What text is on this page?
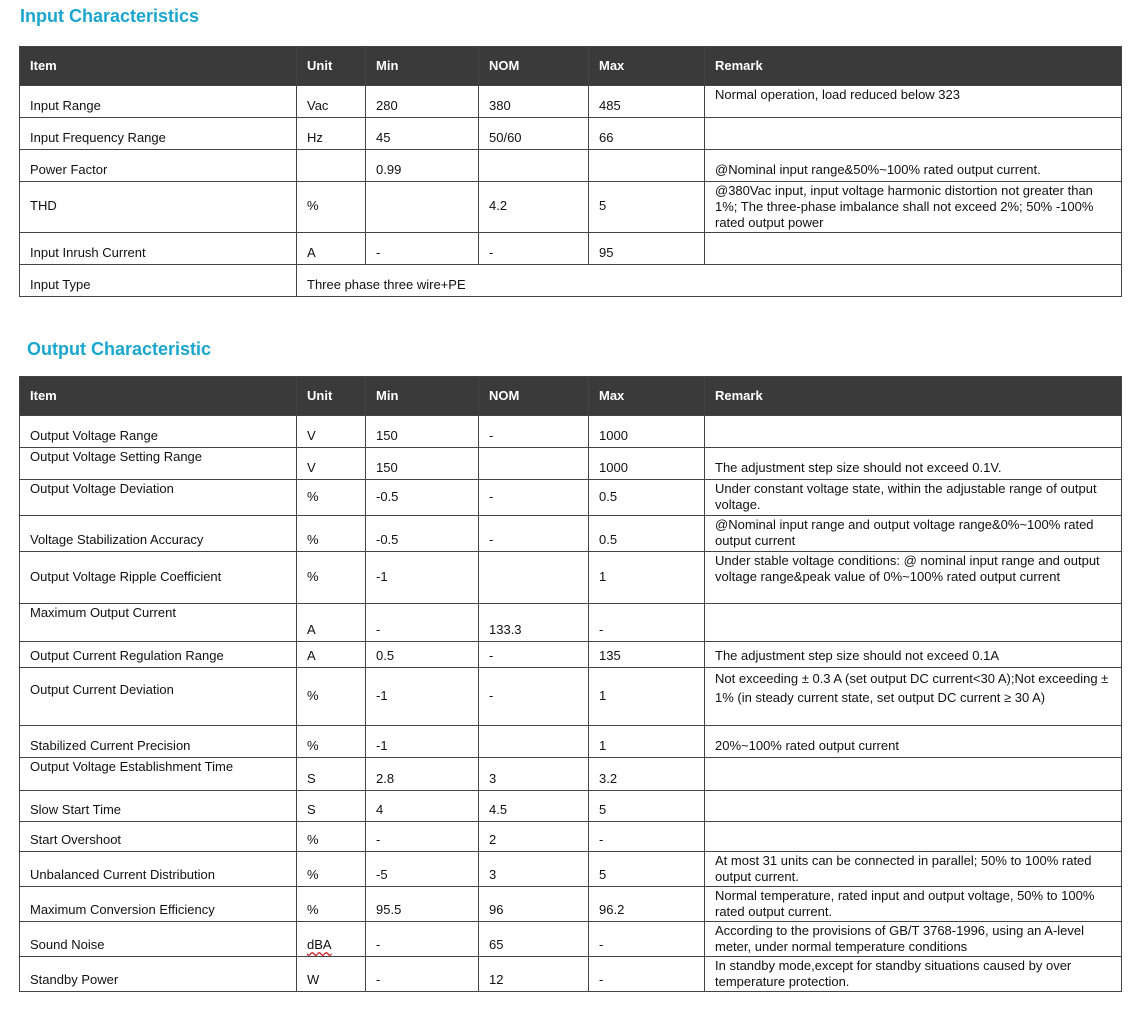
Input Characteristics
Item	Unit	Min	NOM	Max	Remark
Input Range	Vac	280	380	485	Normal operation, load reduced below 323
Input Frequency Range	Hz	45	50/60	66	
Power Factor		0.99			@Nominal input range&50%~100% rated output current.
THD	%		4.2	5	@380Vac input, input voltage harmonic distortion not greater than 1%; The three-phase imbalance shall not exceed 2%; 50% -100% rated output power
Input Inrush Current	A	-	-	95	
Input Type	Three phase three wire+PE				
Output Characteristic
Item	Unit	Min	NOM	Max	Remark
Output Voltage Range	V	150	-	1000	
Output Voltage Setting Range	V	150		1000	The adjustment step size should not exceed 0.1V.
Output Voltage Deviation	%	-0.5	-	0.5	Under constant voltage state, within the adjustable range of output voltage.
Voltage Stabilization Accuracy	%	-0.5	-	0.5	@Nominal input range and output voltage range&0%~100% rated output current
Output Voltage Ripple Coefficient	%	-1		1	Under stable voltage conditions: @ nominal input range and output voltage range&peak value of 0%~100% rated output current
Maximum Output Current	A	-	133.3	-	
Output Current Regulation Range	A	0.5	-	135	The adjustment step size should not exceed 0.1A
Output Current Deviation	%	-1	-	1	Not exceeding ± 0.3 A (set output DC current<30 A);Not exceeding ± 1% (in steady current state, set output DC current ≥ 30 A)
Stabilized Current Precision	%	-1		1	20%~100% rated output current
Output Voltage Establishment Time	S	2.8	3	3.2	
Slow Start Time	S	4	4.5	5	
Start Overshoot	%	-	2	-	
Unbalanced Current Distribution	%	-5	3	5	At most 31 units can be connected in parallel; 50% to 100% rated output current.
Maximum Conversion Efficiency	%	95.5	96	96.2	Normal temperature, rated input and output voltage, 50% to 100% rated output current.
Sound Noise	dBA	-	65	-	According to the provisions of GB/T 3768-1996, using an A-level meter, under normal temperature conditions
Standby Power	W	-	12	-	In standby mode,except for standby situations caused by over temperature protection.
